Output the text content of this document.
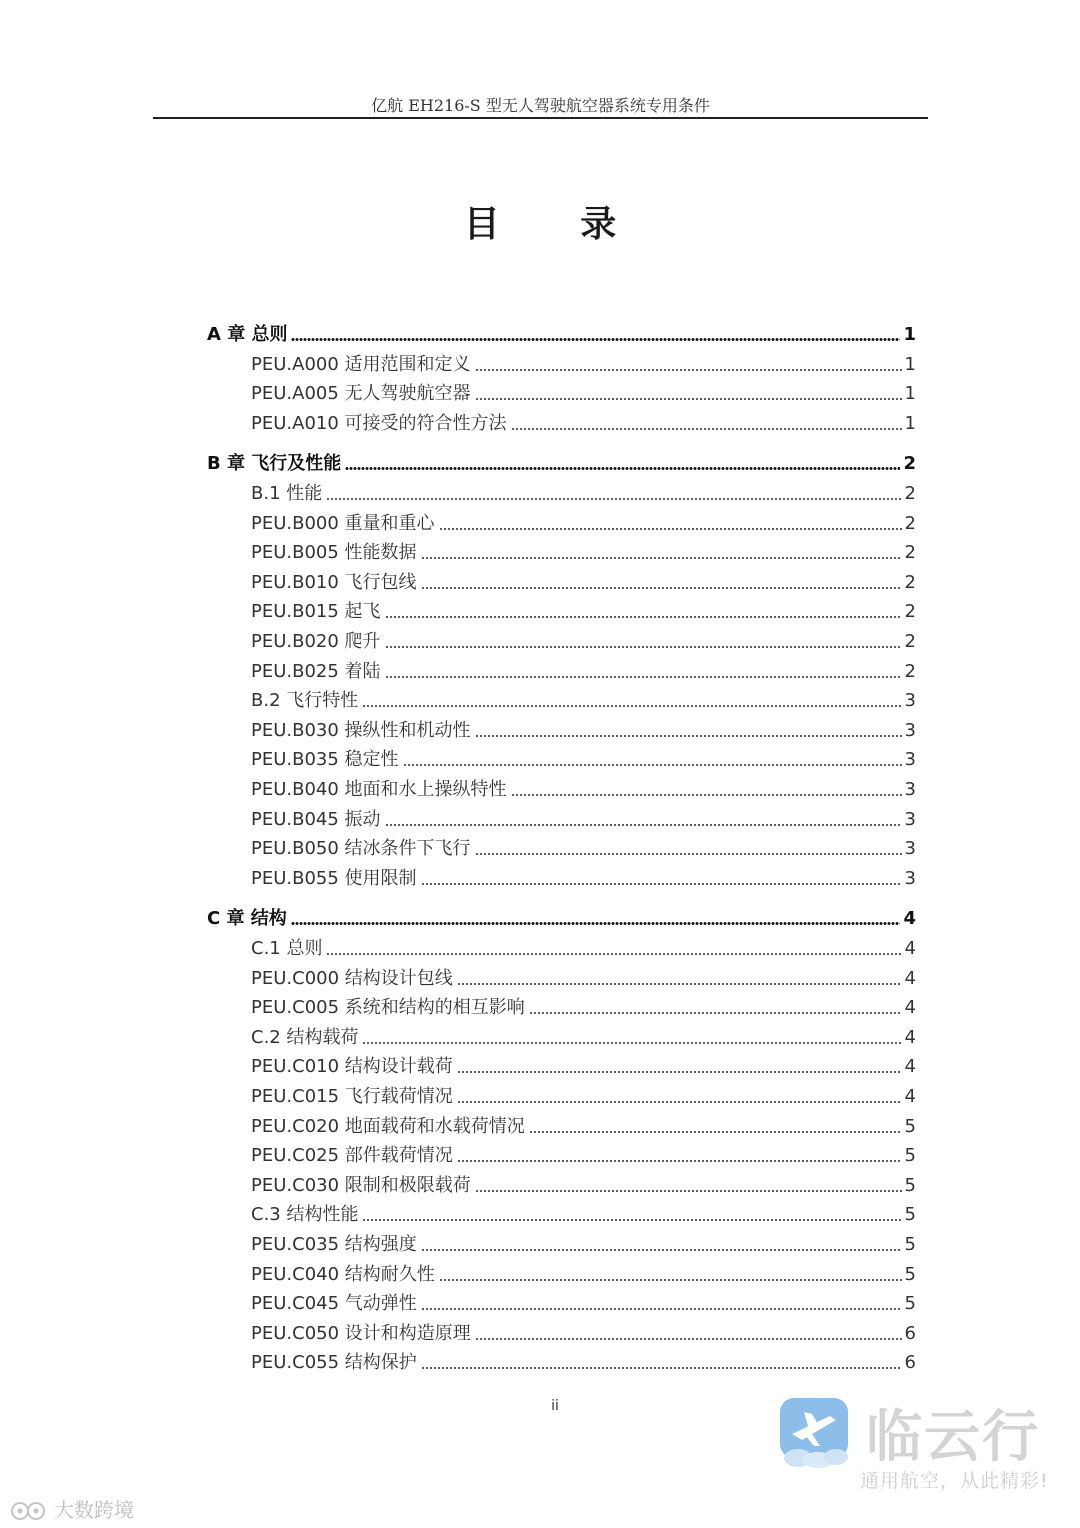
亿航 EH216-S 型无人驾驶航空器系统专用条件
目 录
A 章 总则	1
PEU.A000 适用范围和定义	1
PEU.A005 无人驾驶航空器	1
PEU.A010 可接受的符合性方法	1
B 章 飞行及性能	2
B.1 性能	2
PEU.B000 重量和重心	2
PEU.B005 性能数据	2
PEU.B010 飞行包线	2
PEU.B015 起飞	2
PEU.B020 爬升	2
PEU.B025 着陆	2
B.2 飞行特性	3
PEU.B030 操纵性和机动性	3
PEU.B035 稳定性	3
PEU.B040 地面和水上操纵特性	3
PEU.B045 振动	3
PEU.B050 结冰条件下飞行	3
PEU.B055 使用限制	3
C 章 结构	4
C.1 总则	4
PEU.C000 结构设计包线	4
PEU.C005 系统和结构的相互影响	4
C.2 结构载荷	4
PEU.C010 结构设计载荷	4
PEU.C015 飞行载荷情况	4
PEU.C020 地面载荷和水载荷情况	5
PEU.C025 部件载荷情况	5
PEU.C030 限制和极限载荷	5
C.3 结构性能	5
PEU.C035 结构强度	5
PEU.C040 结构耐久性	5
PEU.C045 气动弹性	5
PEU.C050 设计和构造原理	6
PEU.C055 结构保护	6
ii
大数跨境
临云行
通用航空，从此精彩!
